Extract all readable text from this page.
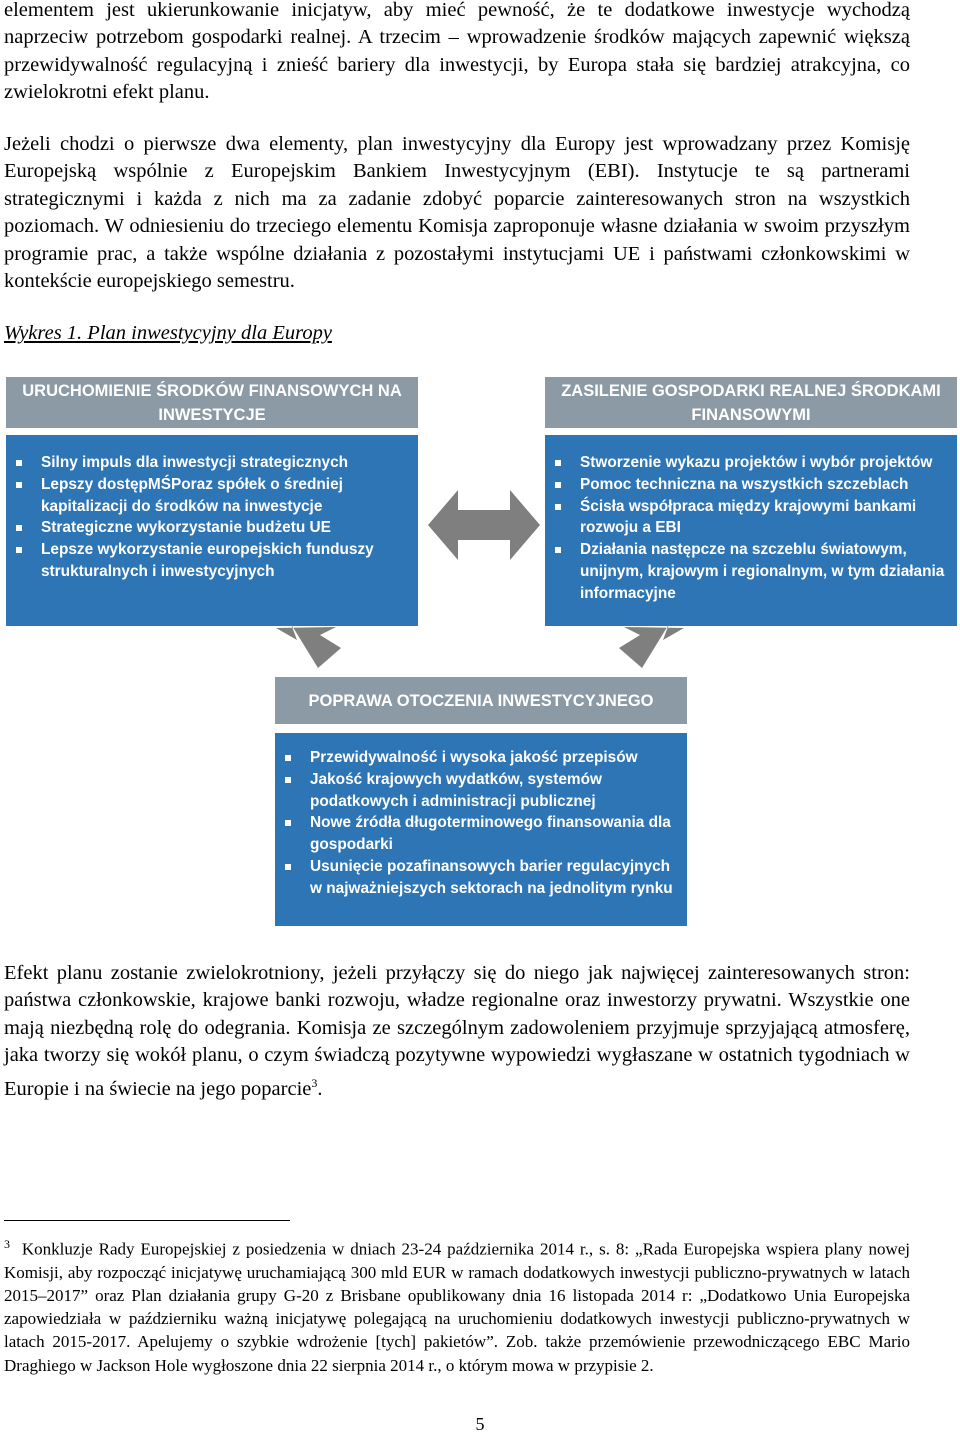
elementem jest ukierunkowanie inicjatyw, aby mieć pewność, że te dodatkowe inwestycje wychodzą naprzeciw potrzebom gospodarki realnej. A trzecim – wprowadzenie środków mających zapewnić większą przewidywalność regulacyjną i znieść bariery dla inwestycji, by Europa stała się bardziej atrakcyjna, co zwielokrotni efekt planu.

Jeżeli chodzi o pierwsze dwa elementy, plan inwestycyjny dla Europy jest wprowadzany przez Komisję Europejską wspólnie z Europejskim Bankiem Inwestycyjnym (EBI). Instytucje te są partnerami strategicznymi i każda z nich ma za zadanie zdobyć poparcie zainteresowanych stron na wszystkich poziomach. W odniesieniu do trzeciego elementu Komisja zaproponuje własne działania w swoim przyszłym programie prac, a także wspólne działania z pozostałymi instytucjami UE i państwami członkowskimi w kontekście europejskiego semestru.

Wykres 1. Plan inwestycyjny dla Europy

URUCHOMIENIE ŚRODKÓW FINANSOWYCH NA INWESTYCJE
Silny impuls dla inwestycji strategicznych
Lepszy dostępMŚPoraz spółek o średniej kapitalizacji do środków na inwestycje
Strategiczne wykorzystanie budżetu UE
Lepsze wykorzystanie europejskich funduszy strukturalnych i inwestycyjnych
ZASILENIE GOSPODARKI REALNEJ ŚRODKAMI FINANSOWYMI
Stworzenie wykazu projektów i wybór projektów
Pomoc techniczna na wszystkich szczeblach
Ścisła współpraca między krajowymi bankami rozwoju a EBI
Działania następcze na szczeblu światowym, unijnym, krajowym i regionalnym, w tym działania informacyjne
POPRAWA OTOCZENIA INWESTYCYJNEGO
Przewidywalność i wysoka jakość przepisów
Jakość krajowych wydatków, systemów podatkowych i administracji publicznej
Nowe źródła długoterminowego finansowania dla gospodarki
Usunięcie pozafinansowych barier regulacyjnych w najważniejszych sektorach na jednolitym rynku

Efekt planu zostanie zwielokrotniony, jeżeli przyłączy się do niego jak najwięcej zainteresowanych stron: państwa członkowskie, krajowe banki rozwoju, władze regionalne oraz inwestorzy prywatni. Wszystkie one mają niezbędną rolę do odegrania. Komisja ze szczególnym zadowoleniem przyjmuje sprzyjającą atmosferę, jaka tworzy się wokół planu, o czym świadczą pozytywne wypowiedzi wygłaszane w ostatnich tygodniach w Europie i na świecie na jego poparcie$^3$.

$^3$ Konkluzje Rady Europejskiej z posiedzenia w dniach 23-24 października 2014 r., s. 8: „Rada Europejska wspiera plany nowej Komisji, aby rozpocząć inicjatywę uruchamiającą 300 mld EUR w ramach dodatkowych inwestycji publiczno-prywatnych w latach 2015–2017” oraz Plan działania grupy G-20 z Brisbane opublikowany dnia 16 listopada 2014 r: „Dodatkowo Unia Europejska zapowiedziała w październiku ważną inicjatywę polegającą na uruchomieniu dodatkowych inwestycji publiczno-prywatnych w latach 2015-2017. Apelujemy o szybkie wdrożenie [tych] pakietów”. Zob. także przemówienie przewodniczącego EBC Mario Draghiego w Jackson Hole wygłoszone dnia 22 sierpnia 2014 r., o którym mowa w przypisie 2.

5
